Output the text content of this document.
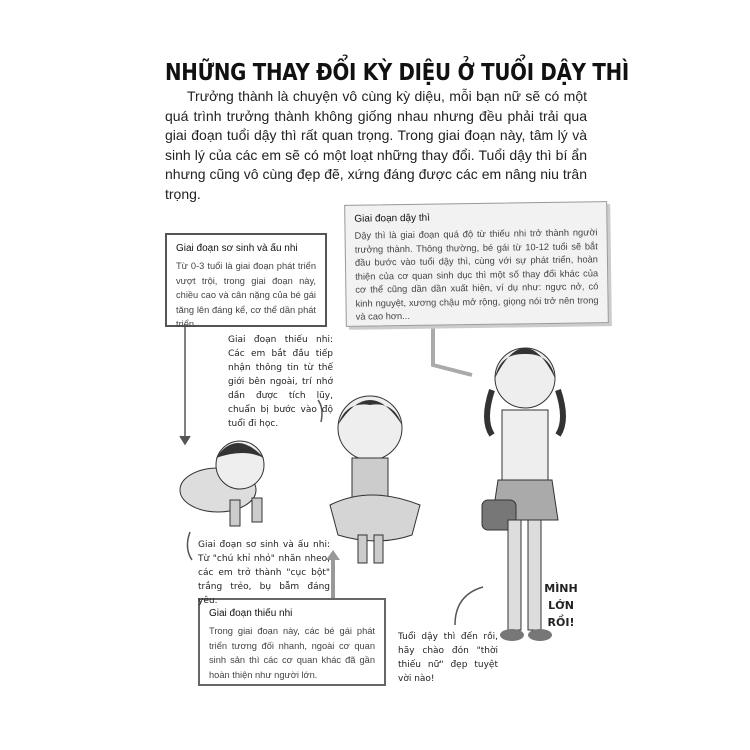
NHỮNG THAY ĐỔI KỲ DIỆU Ở TUỔI DẬY THÌ
Trưởng thành là chuyện vô cùng kỳ diệu, mỗi bạn nữ sẽ có một quá trình trưởng thành không giống nhau nhưng đều phải trải qua giai đoạn tuổi dậy thì rất quan trọng. Trong giai đoạn này, tâm lý và sinh lý của các em sẽ có một loạt những thay đổi. Tuổi dậy thì bí ẩn nhưng cũng vô cùng đẹp đẽ, xứng đáng được các em nâng niu trân trọng.
Giai đoạn sơ sinh và ấu nhi

Từ 0-3 tuổi là giai đoạn phát triển vượt trội, trong giai đoạn này, chiều cao và cân nặng của bé gái tăng lên đáng kể, cơ thể dần phát triển.

Giai đoạn dậy thì

Dậy thì là giai đoạn quá độ từ thiếu nhi trở thành người trưởng thành. Thông thường, bé gái từ 10-12 tuổi sẽ bắt đầu bước vào tuổi dậy thì, cùng với sự phát triển, hoàn thiện của cơ quan sinh dục thì một số thay đổi khác của cơ thể cũng dần dần xuất hiện, ví dụ như: ngực nở, có kinh nguyệt, xương chậu mở rộng, giọng nói trở nên trong và cao hơn...

Giai đoạn thiếu nhi

Trong giai đoạn này, các bé gái phát triển tương đối nhanh, ngoài cơ quan sinh sản thì các cơ quan khác đã gần hoàn thiện như người lớn.

Giai đoạn thiếu nhi: Các em bắt đầu tiếp nhận thông tin từ thế giới bên ngoài, trí nhớ dần được tích lũy, chuẩn bị bước vào độ tuổi đi học.
Giai đoạn sơ sinh và ấu nhi: Từ "chú khỉ nhỏ" nhăn nheo, các em trở thành "cục bột" trắng trẻo, bụ bẫm đáng yêu.
Tuổi dậy thì đến rồi, hãy chào đón "thời thiếu nữ" đẹp tuyệt vời nào!
MÌNH LỚN RỒI!
